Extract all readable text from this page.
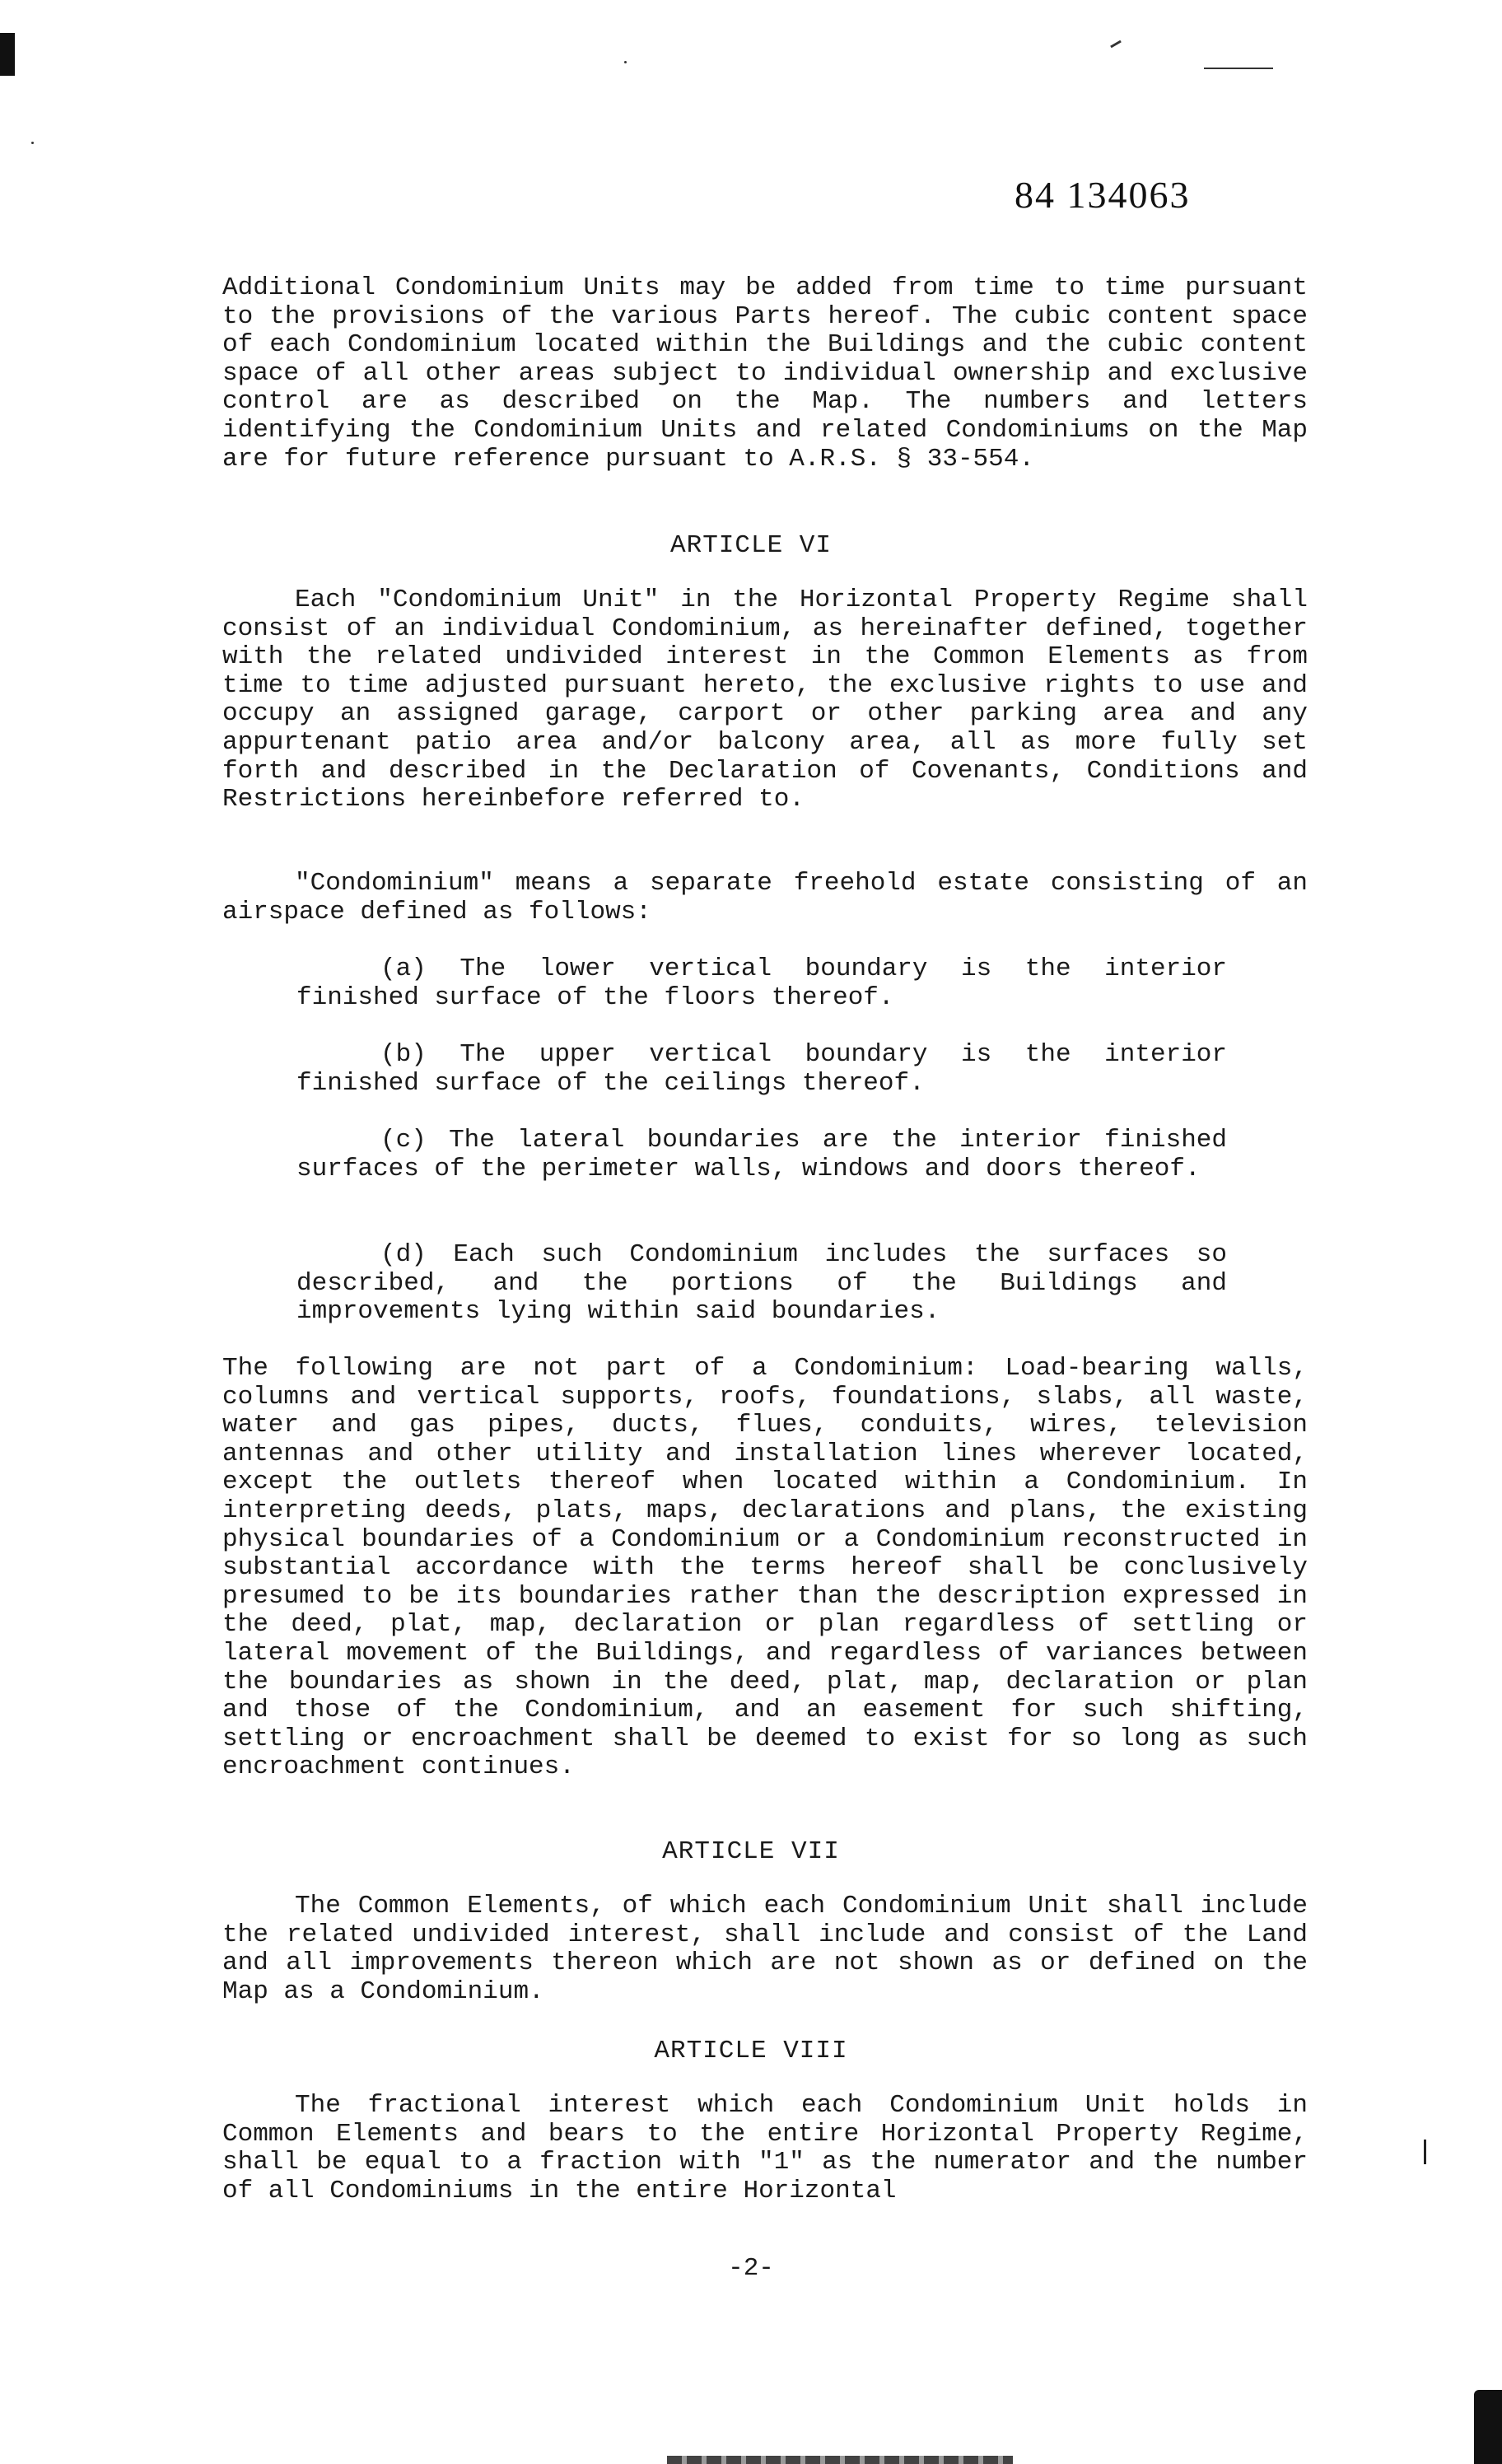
84 134063
Additional Condominium Units may be added from time to time pursuant to the provisions of the various Parts hereof. The cubic content space of each Condominium located within the Buildings and the cubic content space of all other areas subject to individual ownership and exclusive control are as described on the Map. The numbers and letters identifying the Condominium Units and related Condominiums on the Map are for future reference pursuant to A.R.S. § 33-554.
ARTICLE VI
Each "Condominium Unit" in the Horizontal Property Regime shall consist of an individual Condominium, as hereinafter defined, together with the related undivided interest in the Common Elements as from time to time adjusted pursuant hereto, the exclusive rights to use and occupy an assigned garage, carport or other parking area and any appurtenant patio area and/or balcony area, all as more fully set forth and described in the Declaration of Covenants, Conditions and Restrictions hereinbefore referred to.
"Condominium" means a separate freehold estate consisting of an airspace defined as follows:
(a) The lower vertical boundary is the interior finished surface of the floors thereof.
(b) The upper vertical boundary is the interior finished surface of the ceilings thereof.
(c) The lateral boundaries are the interior finished surfaces of the perimeter walls, windows and doors thereof.
(d) Each such Condominium includes the surfaces so described, and the portions of the Buildings and improvements lying within said boundaries.
The following are not part of a Condominium: Load-bearing walls, columns and vertical supports, roofs, foundations, slabs, all waste, water and gas pipes, ducts, flues, conduits, wires, television antennas and other utility and installation lines wherever located, except the outlets thereof when located within a Condominium. In interpreting deeds, plats, maps, declarations and plans, the existing physical boundaries of a Condominium or a Condominium reconstructed in substantial accordance with the terms hereof shall be conclusively presumed to be its boundaries rather than the description expressed in the deed, plat, map, declaration or plan regardless of settling or lateral movement of the Buildings, and regardless of variances between the boundaries as shown in the deed, plat, map, declaration or plan and those of the Condominium, and an easement for such shifting, settling or encroachment shall be deemed to exist for so long as such encroachment continues.
ARTICLE VII
The Common Elements, of which each Condominium Unit shall include the related undivided interest, shall include and consist of the Land and all improvements thereon which are not shown as or defined on the Map as a Condominium.
ARTICLE VIII
The fractional interest which each Condominium Unit holds in Common Elements and bears to the entire Horizontal Property Regime, shall be equal to a fraction with "1" as the numerator and the number of all Condominiums in the entire Horizontal
-2-
